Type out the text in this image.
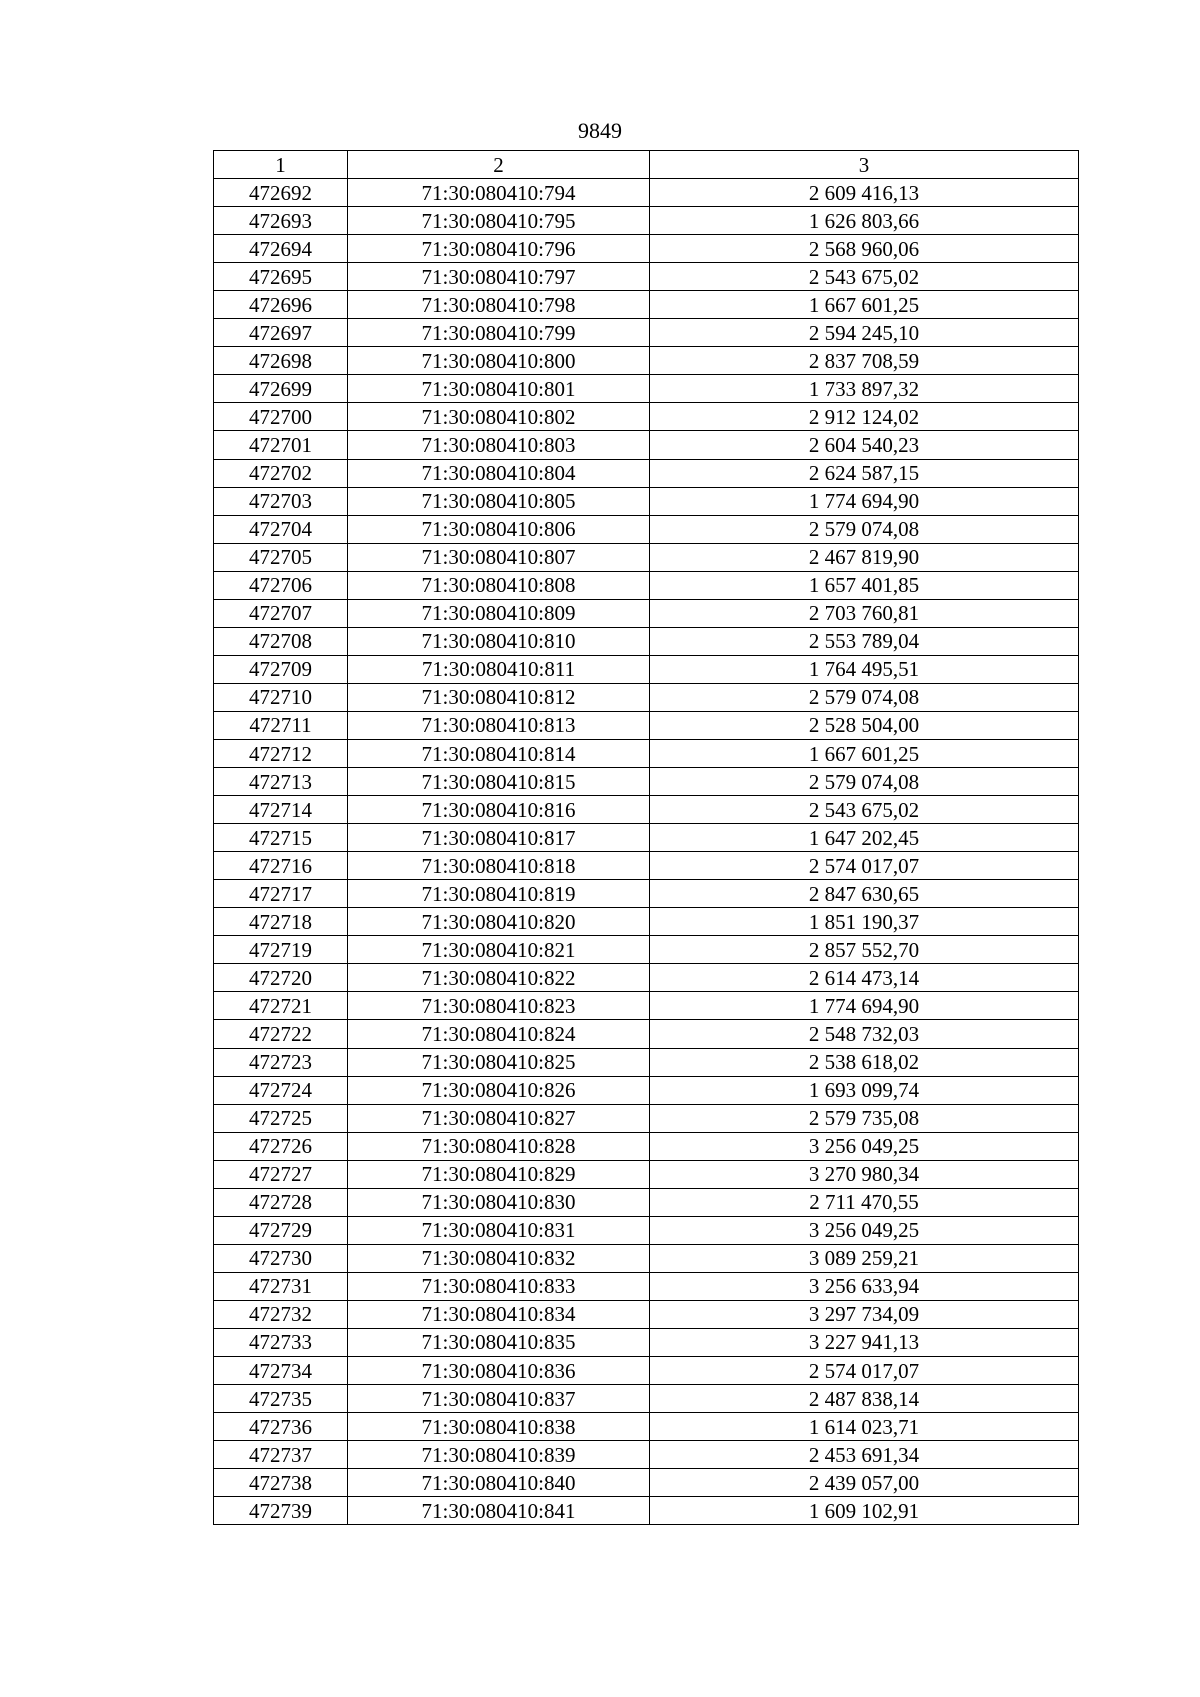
9849
1	2	3
472692	71:30:080410:794	2 609 416,13
472693	71:30:080410:795	1 626 803,66
472694	71:30:080410:796	2 568 960,06
472695	71:30:080410:797	2 543 675,02
472696	71:30:080410:798	1 667 601,25
472697	71:30:080410:799	2 594 245,10
472698	71:30:080410:800	2 837 708,59
472699	71:30:080410:801	1 733 897,32
472700	71:30:080410:802	2 912 124,02
472701	71:30:080410:803	2 604 540,23
472702	71:30:080410:804	2 624 587,15
472703	71:30:080410:805	1 774 694,90
472704	71:30:080410:806	2 579 074,08
472705	71:30:080410:807	2 467 819,90
472706	71:30:080410:808	1 657 401,85
472707	71:30:080410:809	2 703 760,81
472708	71:30:080410:810	2 553 789,04
472709	71:30:080410:811	1 764 495,51
472710	71:30:080410:812	2 579 074,08
472711	71:30:080410:813	2 528 504,00
472712	71:30:080410:814	1 667 601,25
472713	71:30:080410:815	2 579 074,08
472714	71:30:080410:816	2 543 675,02
472715	71:30:080410:817	1 647 202,45
472716	71:30:080410:818	2 574 017,07
472717	71:30:080410:819	2 847 630,65
472718	71:30:080410:820	1 851 190,37
472719	71:30:080410:821	2 857 552,70
472720	71:30:080410:822	2 614 473,14
472721	71:30:080410:823	1 774 694,90
472722	71:30:080410:824	2 548 732,03
472723	71:30:080410:825	2 538 618,02
472724	71:30:080410:826	1 693 099,74
472725	71:30:080410:827	2 579 735,08
472726	71:30:080410:828	3 256 049,25
472727	71:30:080410:829	3 270 980,34
472728	71:30:080410:830	2 711 470,55
472729	71:30:080410:831	3 256 049,25
472730	71:30:080410:832	3 089 259,21
472731	71:30:080410:833	3 256 633,94
472732	71:30:080410:834	3 297 734,09
472733	71:30:080410:835	3 227 941,13
472734	71:30:080410:836	2 574 017,07
472735	71:30:080410:837	2 487 838,14
472736	71:30:080410:838	1 614 023,71
472737	71:30:080410:839	2 453 691,34
472738	71:30:080410:840	2 439 057,00
472739	71:30:080410:841	1 609 102,91
